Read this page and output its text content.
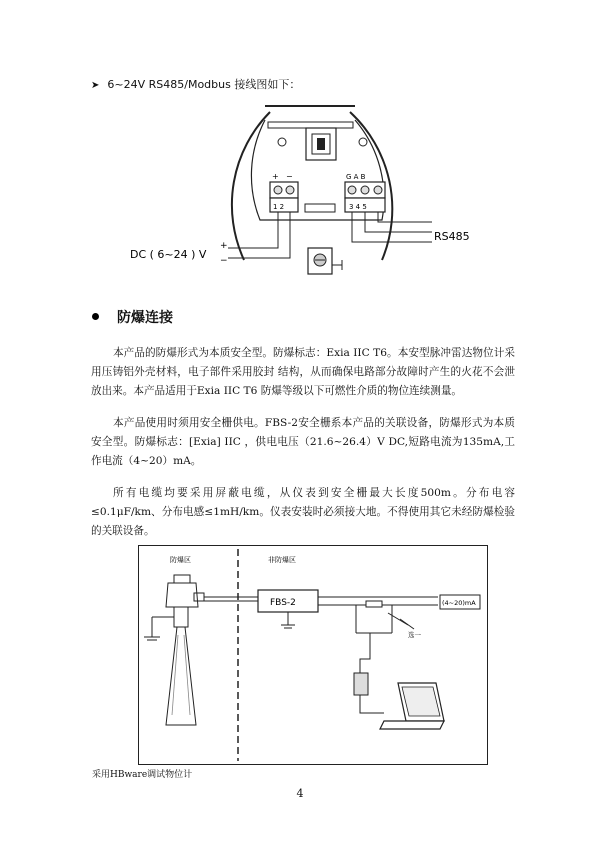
➤ 6~24V RS485/Modbus 接线图如下：
+ −	G A B
1 2	3 4 5
RS485
DC ( 6~24 ) V
+
−
防爆连接
本产品的防爆形式为本质安全型。防爆标志：Exia IIC T6。本安型脉冲雷达物位计采用压铸铝外壳材料，电子部件采用胶封 结构，从而确保电路部分故障时产生的火花不会泄放出来。本产品适用于Exia IIC T6 防爆等级以下可燃性介质的物位连续测量。
本产品使用时须用安全栅供电。FBS-2安全栅系本产品的关联设备，防爆形式为本质安全型。防爆标志：[Exia] IIC ，供电电压（21.6~26.4）V DC,短路电流为135mA,工作电流（4~20）mA。
所有电缆均要采用屏蔽电缆，从仪表到安全栅最大长度500m。分布电容≤0.1μF/km、分布电感≤1mH/km。仪表安装时必须接大地。不得使用其它未经防爆检验的关联设备。
防爆区	非防爆区
FBS-2	(4~20)mA
选一
采用HBware调试物位计
4
